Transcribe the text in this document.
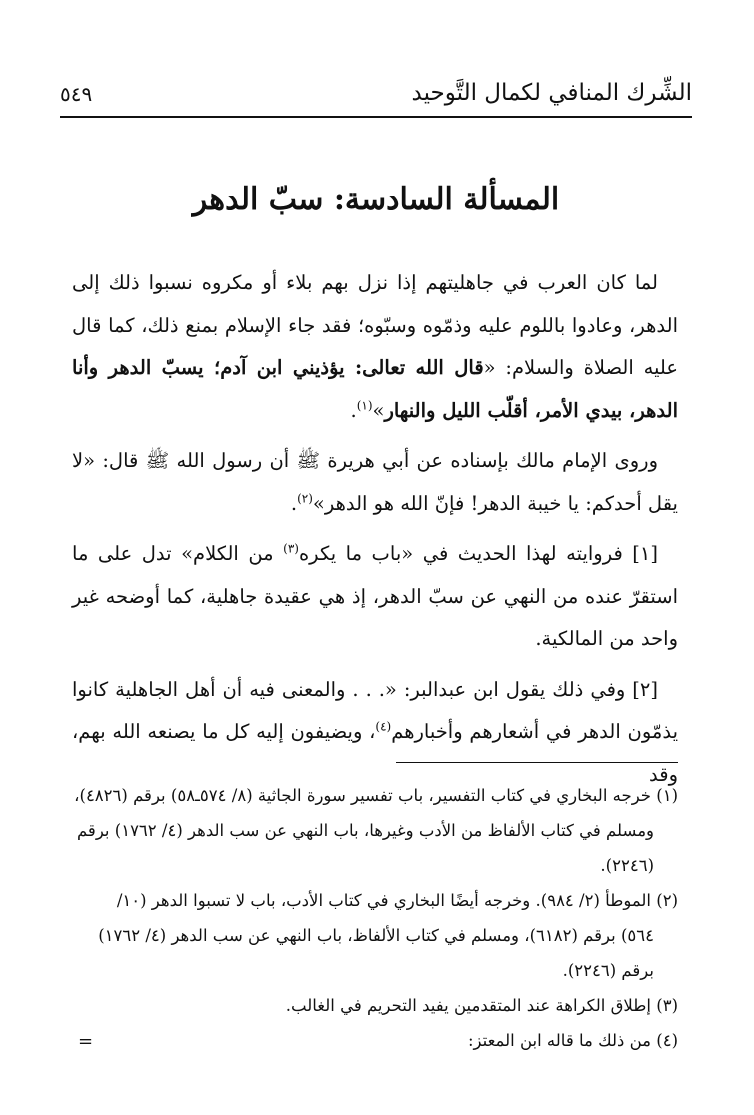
الشِّرك المنافي لكمال التَّوحيد
٥٤٩
المسألة السادسة: سبّ الدهر

لما كان العرب في جاهليتهم إذا نزل بهم بلاء أو مكروه نسبوا ذلك إلى الدهر، وعادوا باللوم عليه وذمّوه وسبّوه؛ فقد جاء الإسلام بمنع ذلك، كما قال عليه الصلاة والسلام: «قال الله تعالى: يؤذيني ابن آدم؛ يسبّ الدهر وأنا الدهر، بيدي الأمر، أقلّب الليل والنهار»$^{(١)}$.

وروى الإمام مالك بإسناده عن أبي هريرة ﷺ أن رسول الله ﷺ قال: «لا يقل أحدكم: يا خيبة الدهر! فإنّ الله هو الدهر»$^{(٢)}$.

[١] فروايته لهذا الحديث في «باب ما يكره$^{(٣)}$ من الكلام» تدل على ما استقرّ عنده من النهي عن سبّ الدهر، إذ هي عقيدة جاهلية، كما أوضحه غير واحد من المالكية.

[٢] وفي ذلك يقول ابن عبدالبر: «. . . والمعنى فيه أن أهل الجاهلية كانوا يذمّون الدهر في أشعارهم وأخبارهم$^{(٤)}$، ويضيفون إليه كل ما يصنعه الله بهم، وقد

(١) خرجه البخاري في كتاب التفسير، باب تفسير سورة الجاثية (٨/ ٥٧٤ـ٥٨) برقم (٤٨٢٦)،

ومسلم في كتاب الألفاظ من الأدب وغيرها، باب النهي عن سب الدهر (٤/ ١٧٦٢) برقم

(٢٢٤٦).

(٢) الموطأ (٢/ ٩٨٤). وخرجه أيضًا البخاري في كتاب الأدب، باب لا تسبوا الدهر (١٠/

٥٦٤) برقم (٦١٨٢)، ومسلم في كتاب الألفاظ، باب النهي عن سب الدهر (٤/ ١٧٦٢)

برقم (٢٢٤٦).

(٣) إطلاق الكراهة عند المتقدمين يفيد التحريم في الغالب.

(٤) من ذلك ما قاله ابن المعتز:

=
